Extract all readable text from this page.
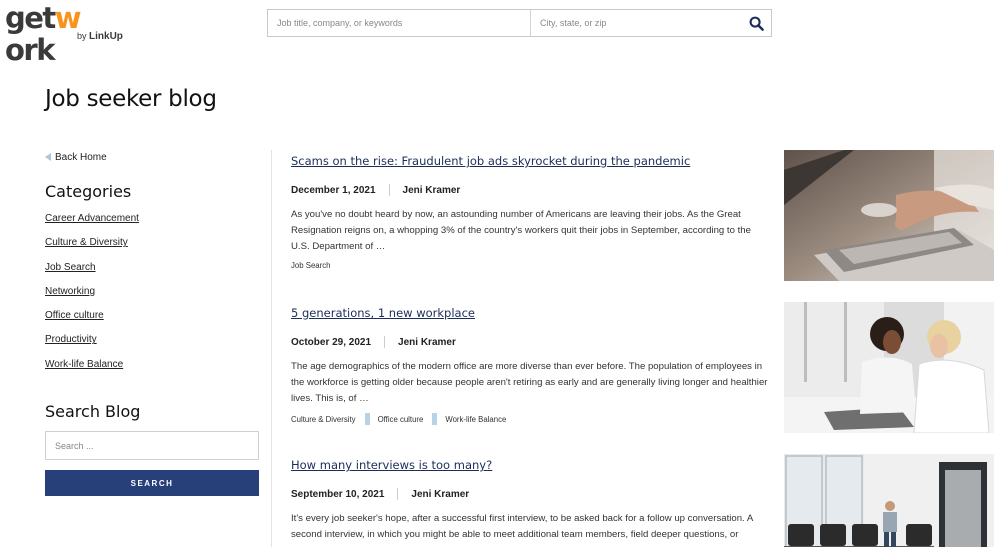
getwork	by LinkUp
Job title, company, or keywords
City, state, or zip
Job seeker blog
Back Home
Categories
Career Advancement
Culture & Diversity
Job Search
Networking
Office culture
Productivity
Work-life Balance
Search Blog
Search ...
SEARCH
Scams on the rise: Fraudulent job ads skyrocket during the pandemic
December 1, 2021	Jeni Kramer

As you've no doubt heard by now, an astounding number of Americans are leaving their jobs. As the Great Resignation reigns on, a whopping 3% of the country's workers quit their jobs in September, according to the U.S. Department of …

Job Search
5 generations, 1 new workplace
October 29, 2021	Jeni Kramer

The age demographics of the modern office are more diverse than ever before. The population of employees in the workforce is getting older because people aren't retiring as early and are generally living longer and healthier lives. This is, of …

Culture & Diversity	Office culture	Work-life Balance
How many interviews is too many?
September 10, 2021	Jeni Kramer

It's every job seeker's hope, after a successful first interview, to be asked back for a follow up conversation. A second interview, in which you might be able to meet additional team members, field deeper questions, or
